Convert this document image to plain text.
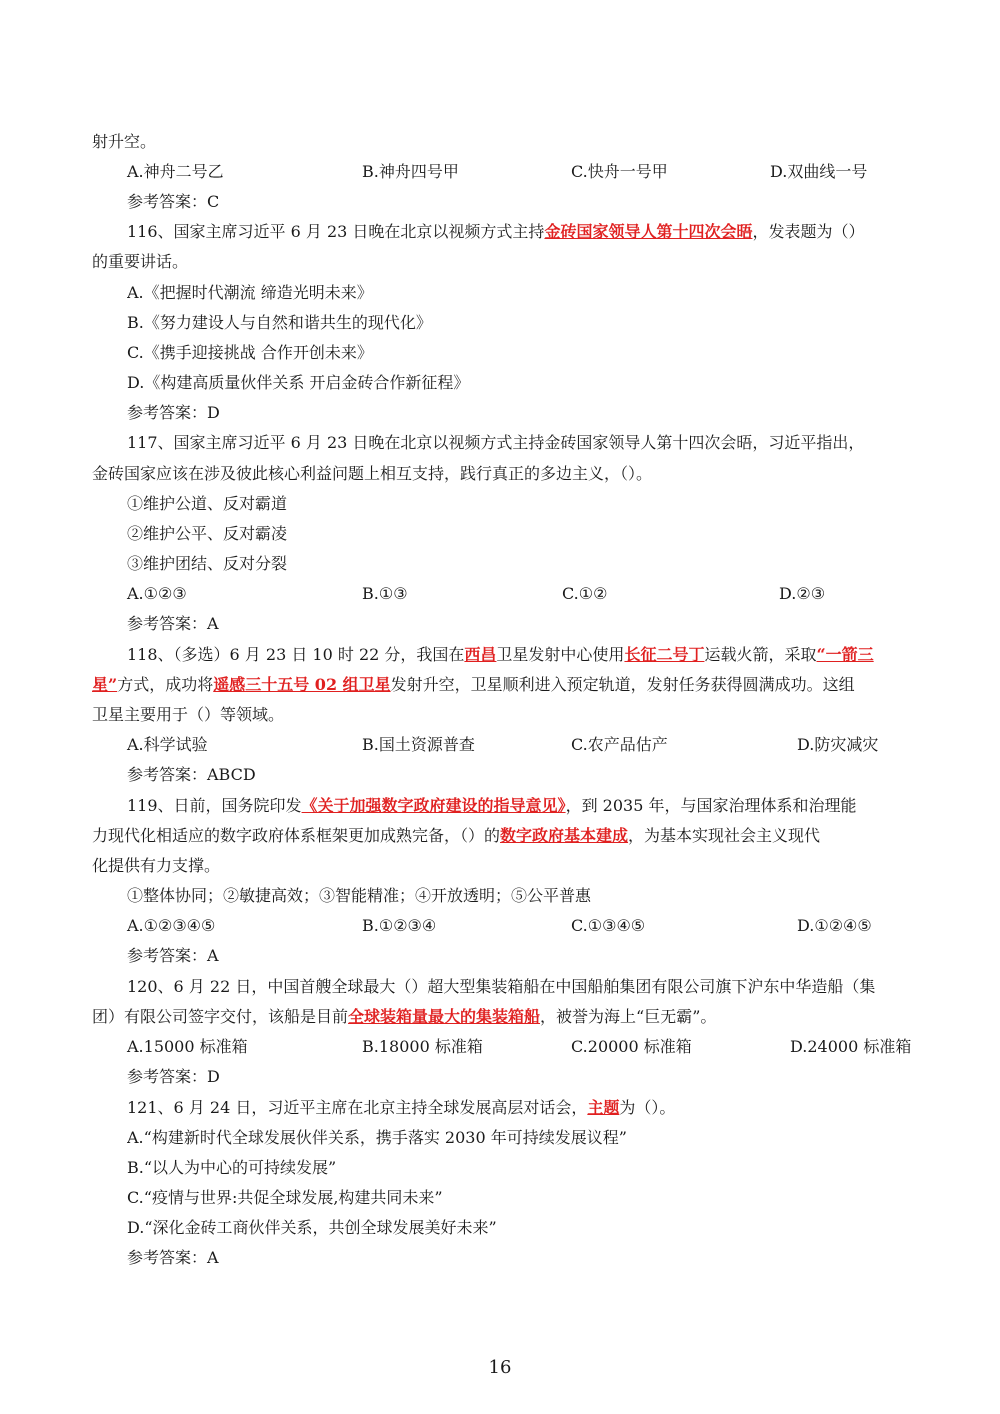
射升空。
A.神舟二号乙	B.神舟四号甲	C.快舟一号甲	D.双曲线一号
参考答案：C
116、国家主席习近平 6 月 23 日晚在北京以视频方式主持金砖国家领导人第十四次会晤，发表题为（）
的重要讲话。
A.《把握时代潮流 缔造光明未来》
B.《努力建设人与自然和谐共生的现代化》
C.《携手迎接挑战 合作开创未来》
D.《构建高质量伙伴关系 开启金砖合作新征程》
参考答案：D
117、国家主席习近平 6 月 23 日晚在北京以视频方式主持金砖国家领导人第十四次会晤，习近平指出，
金砖国家应该在涉及彼此核心利益问题上相互支持，践行真正的多边主义，（）。
①维护公道、反对霸道
②维护公平、反对霸凌
③维护团结、反对分裂
A.①②③	B.①③	C.①②	D.②③
参考答案：A
118、（多选）6 月 23 日 10 时 22 分，我国在西昌卫星发射中心使用长征二号丁运载火箭，采取“一箭三
星”方式，成功将遥感三十五号 02 组卫星发射升空，卫星顺利进入预定轨道，发射任务获得圆满成功。这组
卫星主要用于（）等领域。
A.科学试验	B.国土资源普查	C.农产品估产	D.防灾减灾
参考答案：ABCD
119、日前，国务院印发《关于加强数字政府建设的指导意见》，到 2035 年，与国家治理体系和治理能
力现代化相适应的数字政府体系框架更加成熟完备，（）的数字政府基本建成，为基本实现社会主义现代
化提供有力支撑。
①整体协同；②敏捷高效；③智能精准；④开放透明；⑤公平普惠
A.①②③④⑤	B.①②③④	C.①③④⑤	D.①②④⑤
参考答案：A
120、6 月 22 日，中国首艘全球最大（）超大型集装箱船在中国船舶集团有限公司旗下沪东中华造船（集
团）有限公司签字交付，该船是目前全球装箱量最大的集装箱船，被誉为海上“巨无霸”。
A.15000 标准箱	B.18000 标准箱	C.20000 标准箱	D.24000 标准箱
参考答案：D
121、6 月 24 日，习近平主席在北京主持全球发展高层对话会，主题为（）。
A.“构建新时代全球发展伙伴关系，携手落实 2030 年可持续发展议程”
B.“以人为中心的可持续发展”
C.“疫情与世界:共促全球发展,构建共同未来”
D.“深化金砖工商伙伴关系，共创全球发展美好未来”
参考答案：A
16
